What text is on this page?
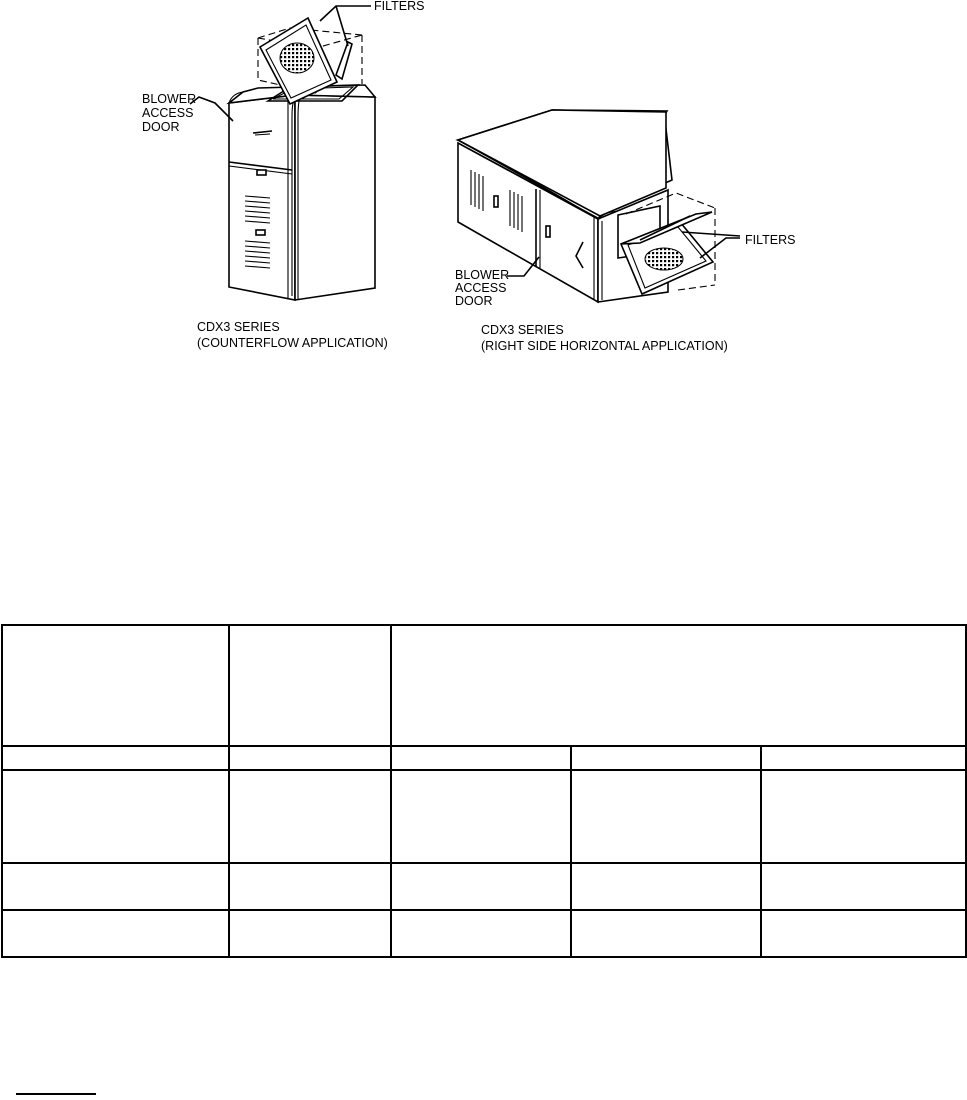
FILTERS
BLOWER
ACCESS
DOOR
CDX3 SERIES
(COUNTERFLOW APPLICATION)
FILTERS
BLOWER
ACCESS
DOOR
CDX3 SERIES
(RIGHT SIDE HORIZONTAL APPLICATION)
